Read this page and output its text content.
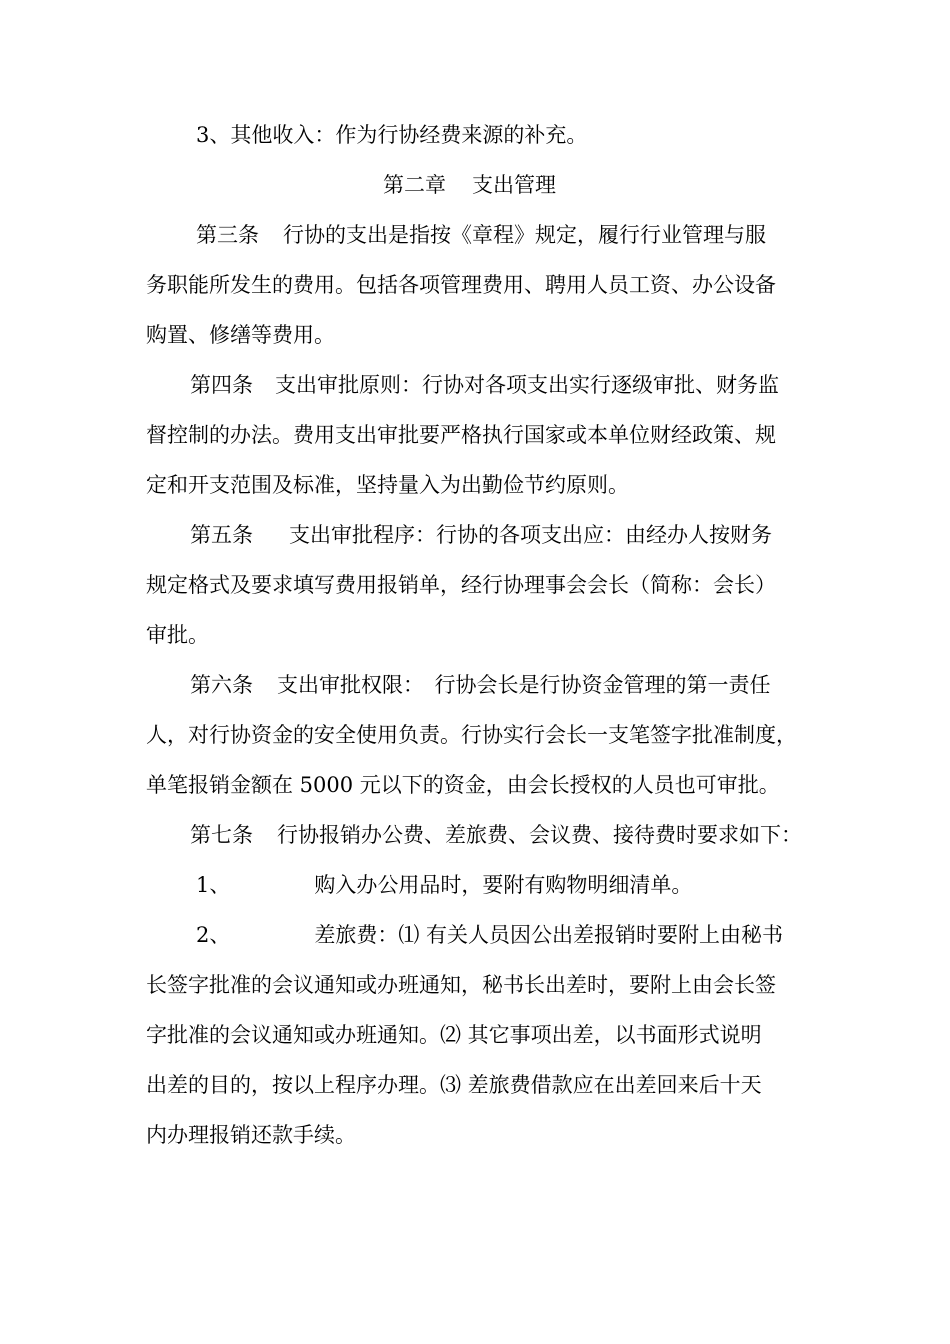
3、其他收入：作为行协经费来源的补充。
第二章 支出管理
第三条 行协的支出是指按《章程》规定，履行行业管理与服
务职能所发生的费用。包括各项管理费用、聘用人员工资、办公设备
购置、修缮等费用。
第四条 支出审批原则：行协对各项支出实行逐级审批、财务监
督控制的办法。费用支出审批要严格执行国家或本单位财经政策、规
定和开支范围及标准，坚持量入为出勤俭节约原则。
第五条 支出审批程序：行协的各项支出应：由经办人按财务
规定格式及要求填写费用报销单，经行协理事会会长（简称：会长）
审批。
第六条 支出审批权限：　行协会长是行协资金管理的第一责任
人，对行协资金的安全使用负责。行协实行会长一支笔签字批准制度，
单笔报销金额在 5000 元以下的资金，由会长授权的人员也可审批。
第七条 行协报销办公费、差旅费、会议费、接待费时要求如下：
1、	购入办公用品时，要附有购物明细清单。
2、	差旅费：⑴ 有关人员因公出差报销时要附上由秘书
长签字批准的会议通知或办班通知，秘书长出差时，要附上由会长签
字批准的会议通知或办班通知。⑵ 其它事项出差，以书面形式说明
出差的目的，按以上程序办理。⑶ 差旅费借款应在出差回来后十天
内办理报销还款手续。
